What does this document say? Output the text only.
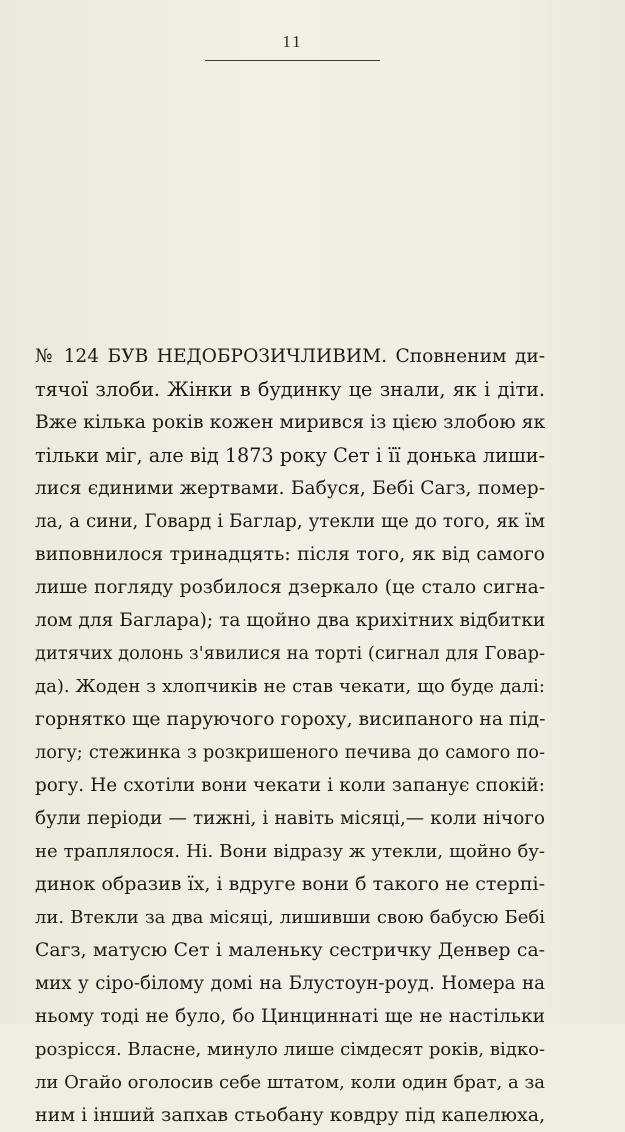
11
№ 124 БУВ НЕДОБРОЗИЧЛИВИМ. Сповненим ди-
тячої злоби. Жінки в будинку це знали, як і діти.
Вже кілька років кожен мирився із цією злобою як
тільки міг, але від 1873 року Сет і її донька лиши-
лися єдиними жертвами. Бабуся, Бебі Сагз, помер-
ла, а сини, Говард і Баглар, утекли ще до того, як їм
виповнилося тринадцять: після того, як від самого
лише погляду розбилося дзеркало (це стало сигна-
лом для Баглара); та щойно два крихітних відбитки
дитячих долонь з'явилися на торті (сигнал для Говар-
да). Жоден з хлопчиків не став чекати, що буде далі:
горнятко ще паруючого гороху, висипаного на під-
логу; стежинка з розкришеного печива до самого по-
рогу. Не схотіли вони чекати і коли запанує спокій:
були періоди — тижні, і навіть місяці,— коли нічого
не траплялося. Ні. Вони відразу ж утекли, щойно бу-
динок образив їх, і вдруге вони б такого не стерпі-
ли. Втекли за два місяці, лишивши свою бабусю Бебі
Сагз, матусю Сет і маленьку сестричку Денвер са-
мих у сіро-білому домі на Блустоун-роуд. Номера на
ньому тоді не було, бо Цинциннаті ще не настільки
розрісся. Власне, минуло лише сімдесят років, відко-
ли Огайо оголосив себе штатом, коли один брат, а за
ним і інший запхав стьобану ковдру під капелюха,
